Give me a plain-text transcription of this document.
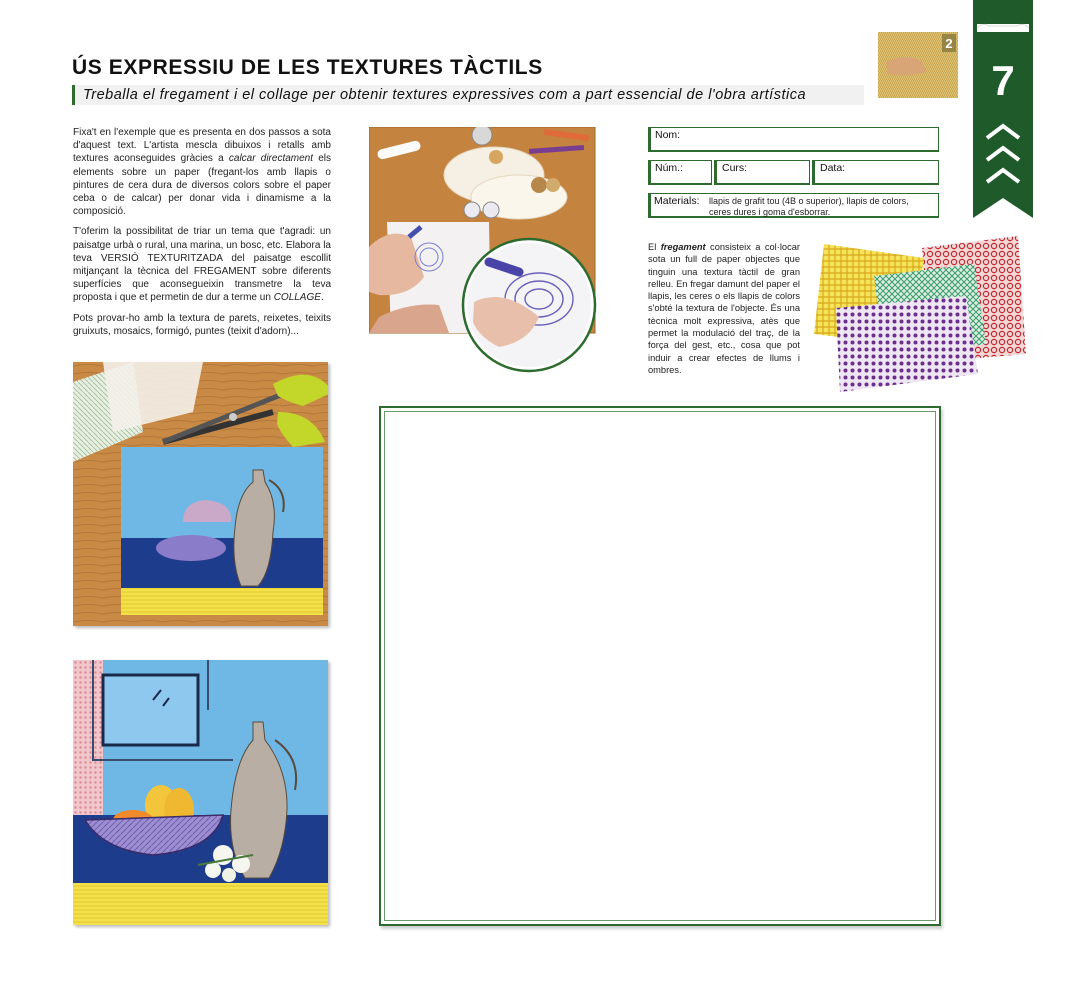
ÚS EXPRESSIU DE LES TEXTURES TÀCTILS
Treballa el fregament i el collage per obtenir textures expressives com a part essencial de l'obra artística
2
7

Fixa't en l'exemple que es presenta en dos passos a sota d'aquest text. L'artista mescla dibuixos i retalls amb textures aconseguides gràcies a calcar directament els elements sobre un paper (fregant-los amb llapis o pintures de cera dura de diversos colors sobre el paper ceba o de calcar) per donar vida i dinamisme a la composició.

T'oferim la possibilitat de triar un tema que t'agradi: un paisatge urbà o rural, una marina, un bosc, etc. Elabora la teva VERSIÓ TEXTURITZADA del paisatge escollit mitjançant la tècnica del FREGAMENT sobre diferents superfícies que aconsegueixin transmetre la teva proposta i que et permetin de dur a terme un COLLAGE.

Pots provar-ho amb la textura de parets, reixetes, teixits gruixuts, mosaics, formigó, puntes (teixit d'adorn)...

Nom:
Núm.:	Curs:	Data:
Materials: llapis de grafit tou (4B o superior), llapis de colors,
ceres dures i goma d'esborrar.
El fregament consisteix a col·locar sota un full de paper objectes que tinguin una textura tàctil de gran relleu. En fregar damunt del paper el llapis, les ceres o els llapis de colors s'obté la textura de l'objecte. És una tècnica molt expressiva, atès que permet la modulació del traç, de la força del gest, etc., cosa que pot induir a crear efectes de llums i ombres.
